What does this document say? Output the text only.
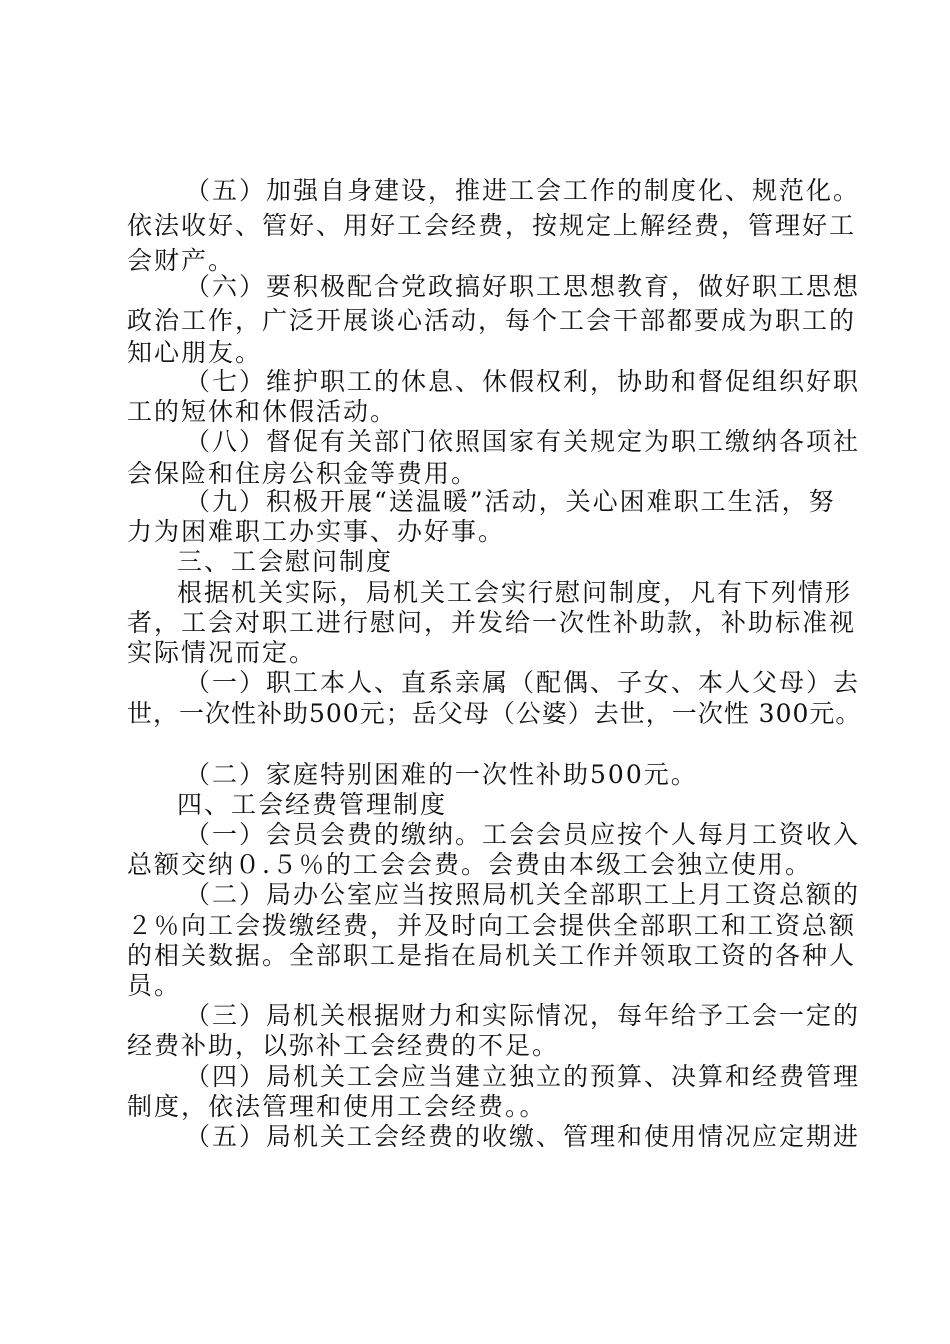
（五）加强自身建设，推进工会工作的制度化、规范化。
依法收好、管好、用好工会经费，按规定上解经费，管理好工
会财产。
（六）要积极配合党政搞好职工思想教育，做好职工思想
政治工作，广泛开展谈心活动，每个工会干部都要成为职工的
知心朋友。
（七）维护职工的休息、休假权利，协助和督促组织好职
工的短休和休假活动。
（八）督促有关部门依照国家有关规定为职工缴纳各项社
会保险和住房公积金等费用。
（九）积极开展“送温暖”活动，关心困难职工生活，努
力为困难职工办实事、办好事。
三、工会慰问制度
根据机关实际，局机关工会实行慰问制度，凡有下列情形
者，工会对职工进行慰问，并发给一次性补助款，补助标准视
实际情况而定。
（一）职工本人、直系亲属（配偶、子女、本人父母）去
世，一次性补助500元；岳父母（公婆）去世，一次性 300元。
（二）家庭特别困难的一次性补助500元。
四、工会经费管理制度
（一）会员会费的缴纳。工会会员应按个人每月工资收入
总额交纳０.５％的工会会费。会费由本级工会独立使用。
（二）局办公室应当按照局机关全部职工上月工资总额的
２％向工会拨缴经费，并及时向工会提供全部职工和工资总额
的相关数据。全部职工是指在局机关工作并领取工资的各种人
员。
（三）局机关根据财力和实际情况，每年给予工会一定的
经费补助，以弥补工会经费的不足。
（四）局机关工会应当建立独立的预算、决算和经费管理
制度，依法管理和使用工会经费。。
（五）局机关工会经费的收缴、管理和使用情况应定期进
